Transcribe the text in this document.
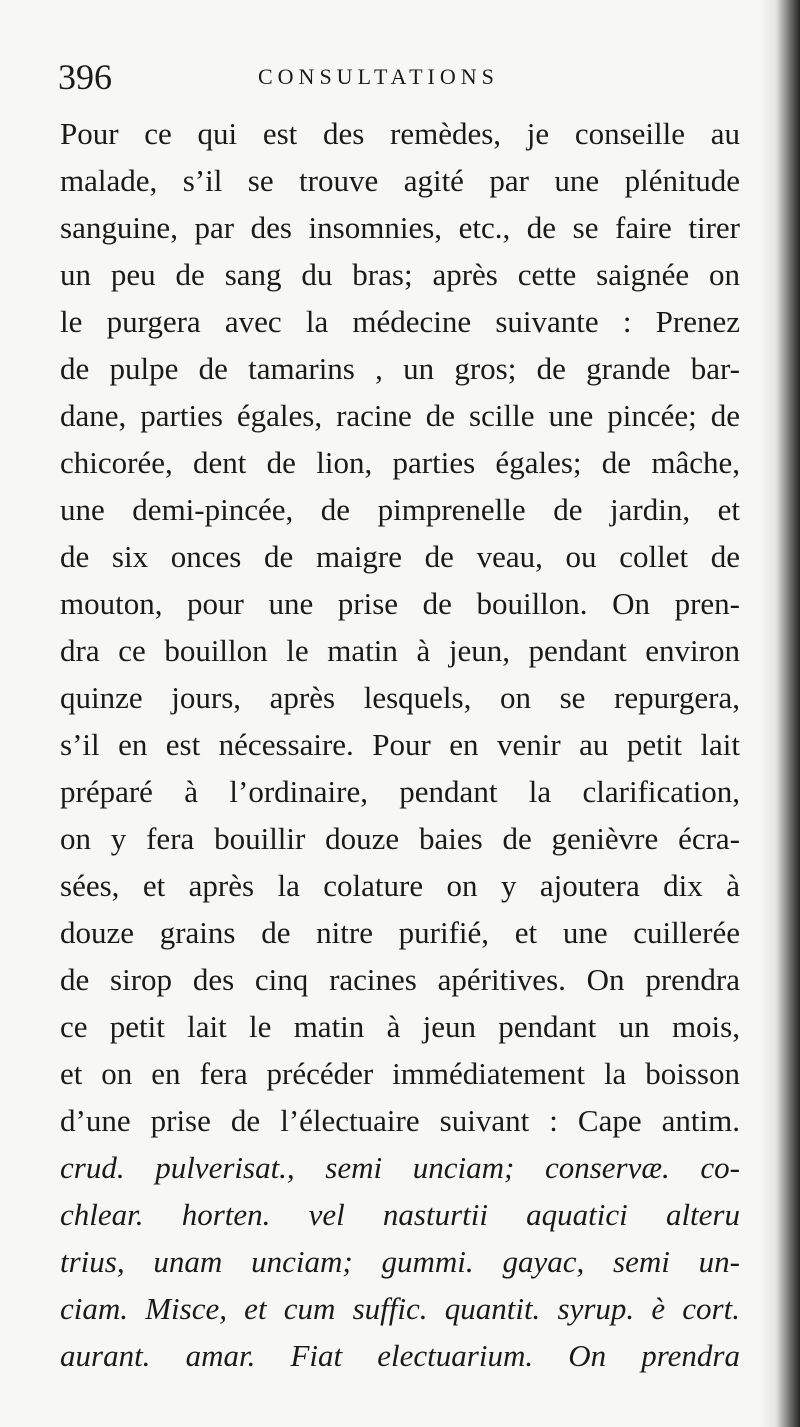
396	CONSULTATIONS
Pour ce qui est des remèdes, je conseille au
malade, s’il se trouve agité par une plénitude
sanguine, par des insomnies, etc., de se faire tirer
un peu de sang du bras; après cette saignée on
le purgera avec la médecine suivante : Prenez
de pulpe de tamarins , un gros; de grande bar-
dane, parties égales, racine de scille une pincée; de
chicorée, dent de lion, parties égales; de mâche,
une demi-pincée, de pimprenelle de jardin, et
de six onces de maigre de veau, ou collet de
mouton, pour une prise de bouillon. On pren-
dra ce bouillon le matin à jeun, pendant environ
quinze jours, après lesquels, on se repurgera,
s’il en est nécessaire. Pour en venir au petit lait
préparé à l’ordinaire, pendant la clarification,
on y fera bouillir douze baies de genièvre écra-
sées, et après la colature on y ajoutera dix à
douze grains de nitre purifié, et une cuillerée
de sirop des cinq racines apéritives. On prendra
ce petit lait le matin à jeun pendant un mois,
et on en fera précéder immédiatement la boisson
d’une prise de l’électuaire suivant : Cape antim.
crud. pulverisat., semi unciam; conservæ. co-
chlear. horten. vel nasturtii aquatici alteru
trius, unam unciam; gummi. gayac, semi un-
ciam. Misce, et cum suffic. quantit. syrup. è cort.
aurant. amar. Fiat electuarium. On prendra
